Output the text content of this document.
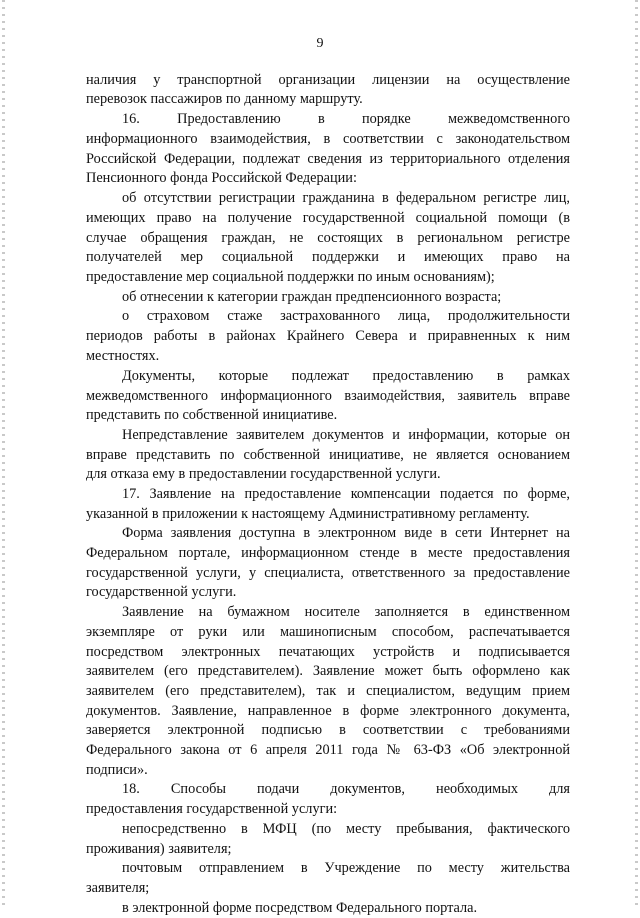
9
наличия у транспортной организации лицензии на осуществление
перевозок пассажиров по данному маршруту.
16. Предоставлению в порядке межведомственного
информационного взаимодействия, в соответствии с законодательством
Российской Федерации, подлежат сведения из территориального отделения
Пенсионного фонда Российской Федерации:
об отсутствии регистрации гражданина в федеральном регистре лиц,
имеющих право на получение государственной социальной помощи (в
случае обращения граждан, не состоящих в региональном регистре
получателей мер социальной поддержки и имеющих право на
предоставление мер социальной поддержки по иным основаниям);
об отнесении к категории граждан предпенсионного возраста;
о страховом стаже застрахованного лица, продолжительности
периодов работы в районах Крайнего Севера и приравненных к ним
местностях.
Документы, которые подлежат предоставлению в рамках
межведомственного информационного взаимодействия, заявитель вправе
представить по собственной инициативе.
Непредставление заявителем документов и информации, которые он
вправе представить по собственной инициативе, не является основанием
для отказа ему в предоставлении государственной услуги.
17. Заявление на предоставление компенсации подается по форме,
указанной в приложении к настоящему Административному регламенту.
Форма заявления доступна в электронном виде в сети Интернет на
Федеральном портале, информационном стенде в месте предоставления
государственной услуги, у специалиста, ответственного за предоставление
государственной услуги.
Заявление на бумажном носителе заполняется в единственном
экземпляре от руки или машинописным способом, распечатывается
посредством электронных печатающих устройств и подписывается
заявителем (его представителем). Заявление может быть оформлено как
заявителем (его представителем), так и специалистом, ведущим прием
документов. Заявление, направленное в форме электронного документа,
заверяется электронной подписью в соответствии с требованиями
Федерального закона от 6 апреля 2011 года № 63-ФЗ «Об электронной
подписи».
18. Способы подачи документов, необходимых для
предоставления государственной услуги:
непосредственно в МФЦ (по месту пребывания, фактического
проживания) заявителя;
почтовым отправлением в Учреждение по месту жительства
заявителя;
в электронной форме посредством Федерального портала.
